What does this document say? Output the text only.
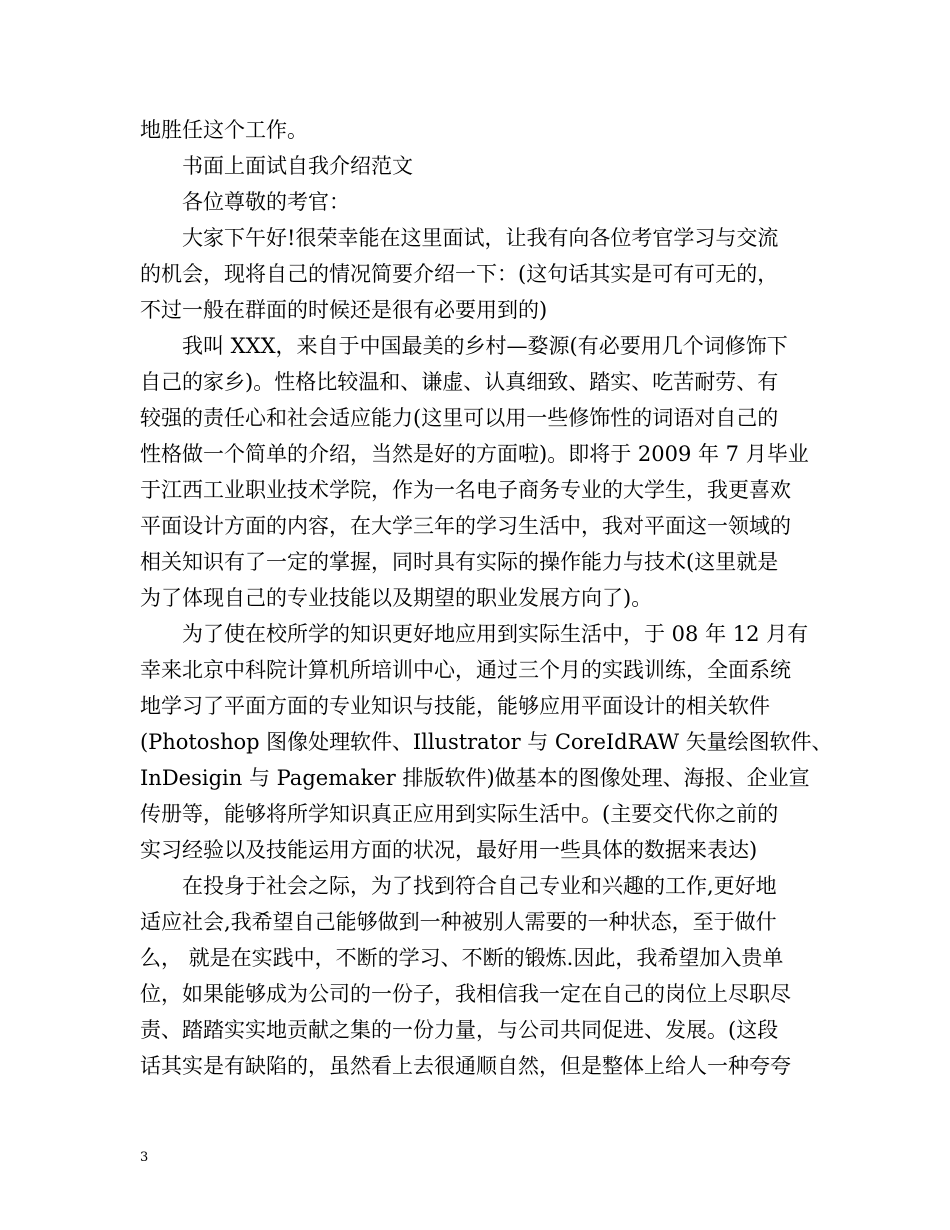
地胜任这个工作。
书面上面试自我介绍范文
各位尊敬的考官：
大家下午好!很荣幸能在这里面试，让我有向各位考官学习与交流
的机会，现将自己的情况简要介绍一下：(这句话其实是可有可无的，
不过一般在群面的时候还是很有必要用到的)
我叫 XXX，来自于中国最美的乡村—婺源(有必要用几个词修饰下
自己的家乡)。性格比较温和、谦虚、认真细致、踏实、吃苦耐劳、有
较强的责任心和社会适应能力(这里可以用一些修饰性的词语对自己的
性格做一个简单的介绍，当然是好的方面啦)。即将于 2009 年 7 月毕业
于江西工业职业技术学院，作为一名电子商务专业的大学生，我更喜欢
平面设计方面的内容，在大学三年的学习生活中，我对平面这一领域的
相关知识有了一定的掌握，同时具有实际的操作能力与技术(这里就是
为了体现自己的专业技能以及期望的职业发展方向了)。
为了使在校所学的知识更好地应用到实际生活中，于 08 年 12 月有
幸来北京中科院计算机所培训中心，通过三个月的实践训练，全面系统
地学习了平面方面的专业知识与技能，能够应用平面设计的相关软件
(Photoshop 图像处理软件、Illustrator 与 CoreIdRAW 矢量绘图软件、
InDesigin 与 Pagemaker 排版软件)做基本的图像处理、海报、企业宣
传册等，能够将所学知识真正应用到实际生活中。(主要交代你之前的
实习经验以及技能运用方面的状况，最好用一些具体的数据来表达)
在投身于社会之际，为了找到符合自己专业和兴趣的工作,更好地
适应社会,我希望自己能够做到一种被别人需要的一种状态，至于做什
么， 就是在实践中，不断的学习、不断的锻炼.因此，我希望加入贵单
位，如果能够成为公司的一份子，我相信我一定在自己的岗位上尽职尽
责、踏踏实实地贡献之集的一份力量，与公司共同促进、发展。(这段
话其实是有缺陷的，虽然看上去很通顺自然，但是整体上给人一种夸夸
3
